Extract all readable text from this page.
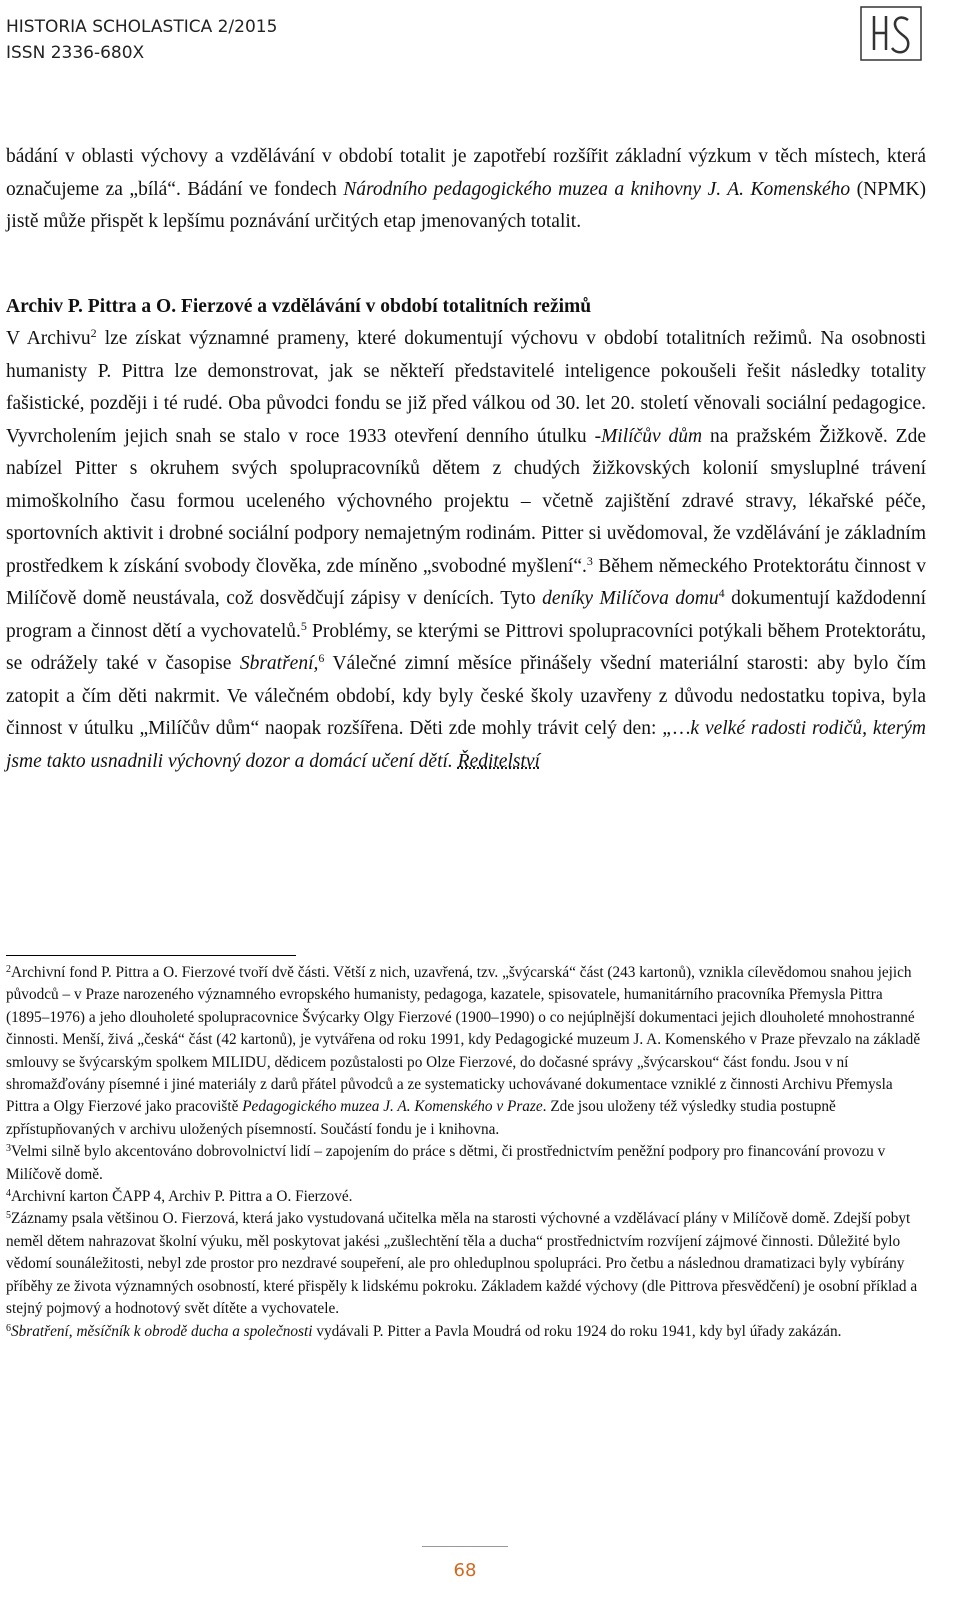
HISTORIA SCHOLASTICA 2/2015
ISSN 2336-680X

bádání v oblasti výchovy a vzdělávání v období totalit je zapotřebí rozšířit základní výzkum v těch místech, která označujeme za „bílá“. Bádání ve fondech Národního pedagogického muzea a knihovny J. A. Komenského (NPMK) jistě může přispět k lepšímu poznávání určitých etap jmenovaných totalit.

Archiv P. Pittra a O. Fierzové a vzdělávání v období totalitních režimů

V Archivu$^2$ lze získat významné prameny, které dokumentují výchovu v období totalitních režimů. Na osobnosti humanisty P. Pittra lze demonstrovat, jak se někteří představitelé inteligence pokoušeli řešit následky totality fašistické, později i té rudé. Oba původci fondu se již před válkou od 30. let 20. století věnovali sociální pedagogice. Vyvrcholením jejich snah se stalo v roce 1933 otevření denního útulku -Milíčův dům na pražském Žižkově. Zde nabízel Pitter s okruhem svých spolupracovníků dětem z chudých žižkovských kolonií smysluplné trávení mimoškolního času formou uceleného výchovného projektu – včetně zajištění zdravé stravy, lékařské péče, sportovních aktivit i drobné sociální podpory nemajetným rodinám. Pitter si uvědomoval, že vzdělávání je základním prostředkem k získání svobody člověka, zde míněno „svobodné myšlení“.$^3$ Během německého Protektorátu činnost v Milíčově domě neustávala, což dosvědčují zápisy v denících. Tyto deníky Milíčova domu$^4$ dokumentují každodenní program a činnost dětí a vychovatelů.$^5$ Problémy, se kterými se Pittrovi spolupracovníci potýkali během Protektorátu, se odrážely také v časopise Sbratření,$^6$ Válečné zimní měsíce přinášely všední materiální starosti: aby bylo čím zatopit a čím děti nakrmit. Ve válečném období, kdy byly české školy uzavřeny z důvodu nedostatku topiva, byla činnost v útulku „Milíčův dům“ naopak rozšířena. Děti zde mohly trávit celý den: „…k velké radosti rodičů, kterým jsme takto usnadnili výchovný dozor a domácí učení dětí. Ředitelství

$^2$Archivní fond P. Pittra a O. Fierzové tvoří dvě části. Větší z nich, uzavřená, tzv. „švýcarská“ část (243 kartonů), vznikla cílevědomou snahou jejich původců – v Praze narozeného významného evropského humanisty, pedagoga, kazatele, spisovatele, humanitárního pracovníka Přemysla Pittra (1895–1976) a jeho dlouholeté spolupracovnice Švýcarky Olgy Fierzové (1900–1990) o co nejúplnější dokumentaci jejich dlouholeté mnohostranné činnosti. Menší, živá „česká“ část (42 kartonů), je vytvářena od roku 1991, kdy Pedagogické muzeum J. A. Komenského v Praze převzalo na základě smlouvy se švýcarským spolkem MILIDU, dědicem pozůstalosti po Olze Fierzové, do dočasné správy „švýcarskou“ část fondu. Jsou v ní shromažďovány písemné i jiné materiály z darů přátel původců a ze systematicky uchovávané dokumentace vzniklé z činnosti Archivu Přemysla Pittra a Olgy Fierzové jako pracoviště Pedagogického muzea J. A. Komenského v Praze. Zde jsou uloženy též výsledky studia postupně zpřístupňovaných v archivu uložených písemností. Součástí fondu je i knihovna.

$^3$Velmi silně bylo akcentováno dobrovolnictví lidí – zapojením do práce s dětmi, či prostřednictvím peněžní podpory pro financování provozu v Milíčově domě.

$^4$Archivní karton ČAPP 4, Archiv P. Pittra a O. Fierzové.

$^5$Záznamy psala většinou O. Fierzová, která jako vystudovaná učitelka měla na starosti výchovné a vzdělávací plány v Milíčově domě. Zdejší pobyt neměl dětem nahrazovat školní výuku, měl poskytovat jakési „zušlechtění těla a ducha“ prostřednictvím rozvíjení zájmové činnosti. Důležité bylo vědomí sounáležitosti, nebyl zde prostor pro nezdravé soupeření, ale pro ohleduplnou spolupráci. Pro četbu a následnou dramatizaci byly vybírány příběhy ze života významných osobností, které přispěly k lidskému pokroku. Základem každé výchovy (dle Pittrova přesvědčení) je osobní příklad a stejný pojmový a hodnotový svět dítěte a vychovatele.

$^6$Sbratření, měsíčník k obrodě ducha a společnosti vydávali P. Pitter a Pavla Moudrá od roku 1924 do roku 1941, kdy byl úřady zakázán.

68
